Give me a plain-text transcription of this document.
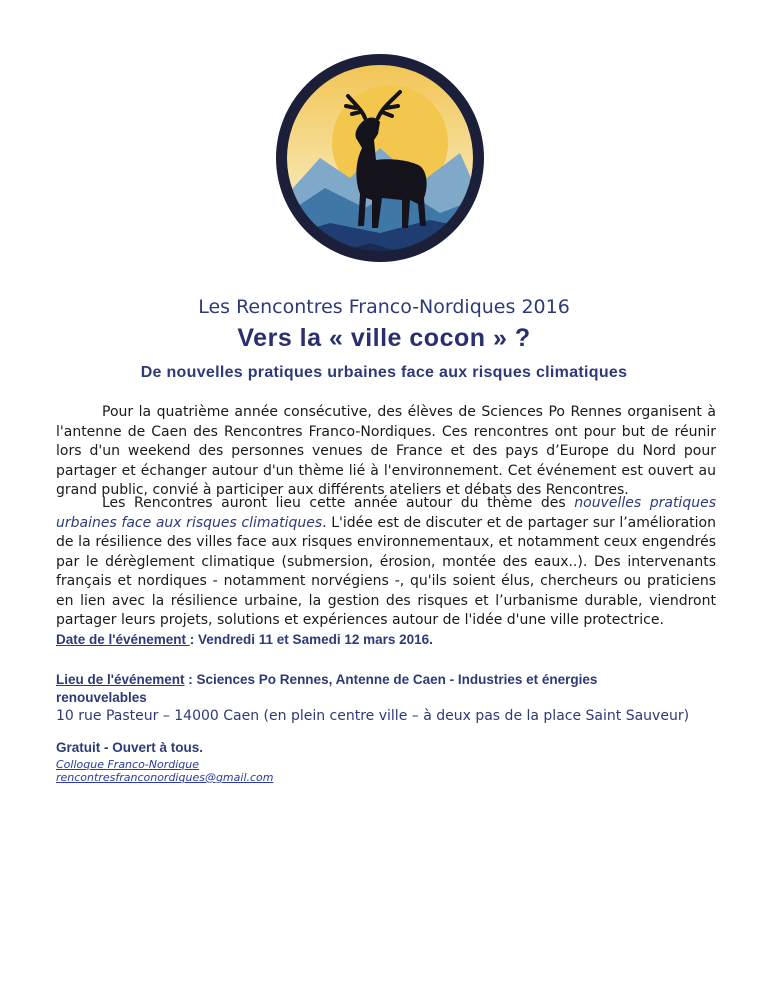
Les Rencontres Franco-Nordiques 2016
Vers la « ville cocon » ?
De nouvelles pratiques urbaines face aux risques climatiques

Pour la quatrième année consécutive, des élèves de Sciences Po Rennes organisent à l'antenne de Caen des Rencontres Franco-Nordiques. Ces rencontres ont pour but de réunir lors d'un weekend des personnes venues de France et des pays d’Europe du Nord pour partager et échanger autour d'un thème lié à l'environnement. Cet événement est ouvert au grand public, convié à participer aux différents ateliers et débats des Rencontres.

Les Rencontres auront lieu cette année autour du thème des nouvelles pratiques urbaines face aux risques climatiques. L'idée est de discuter et de partager sur l’amélioration de la résilience des villes face aux risques environnementaux, et notamment ceux engendrés par le dérèglement climatique (submersion, érosion, montée des eaux..). Des intervenants français et nordiques - notamment norvégiens -, qu'ils soient élus, chercheurs ou praticiens en lien avec la résilience urbaine, la gestion des risques et l’urbanisme durable, viendront partager leurs projets, solutions et expériences autour de l'idée d'une ville protectrice.

Date de l'événement : Vendredi 11 et Samedi 12 mars 2016.
Lieu de l'événement : Sciences Po Rennes, Antenne de Caen - Industries et énergies
renouvelables
10 rue Pasteur – 14000 Caen (en plein centre ville – à deux pas de la place Saint Sauveur)
Gratuit - Ouvert à tous.
Colloque Franco-Nordique
rencontresfranconordiques@gmail.com
